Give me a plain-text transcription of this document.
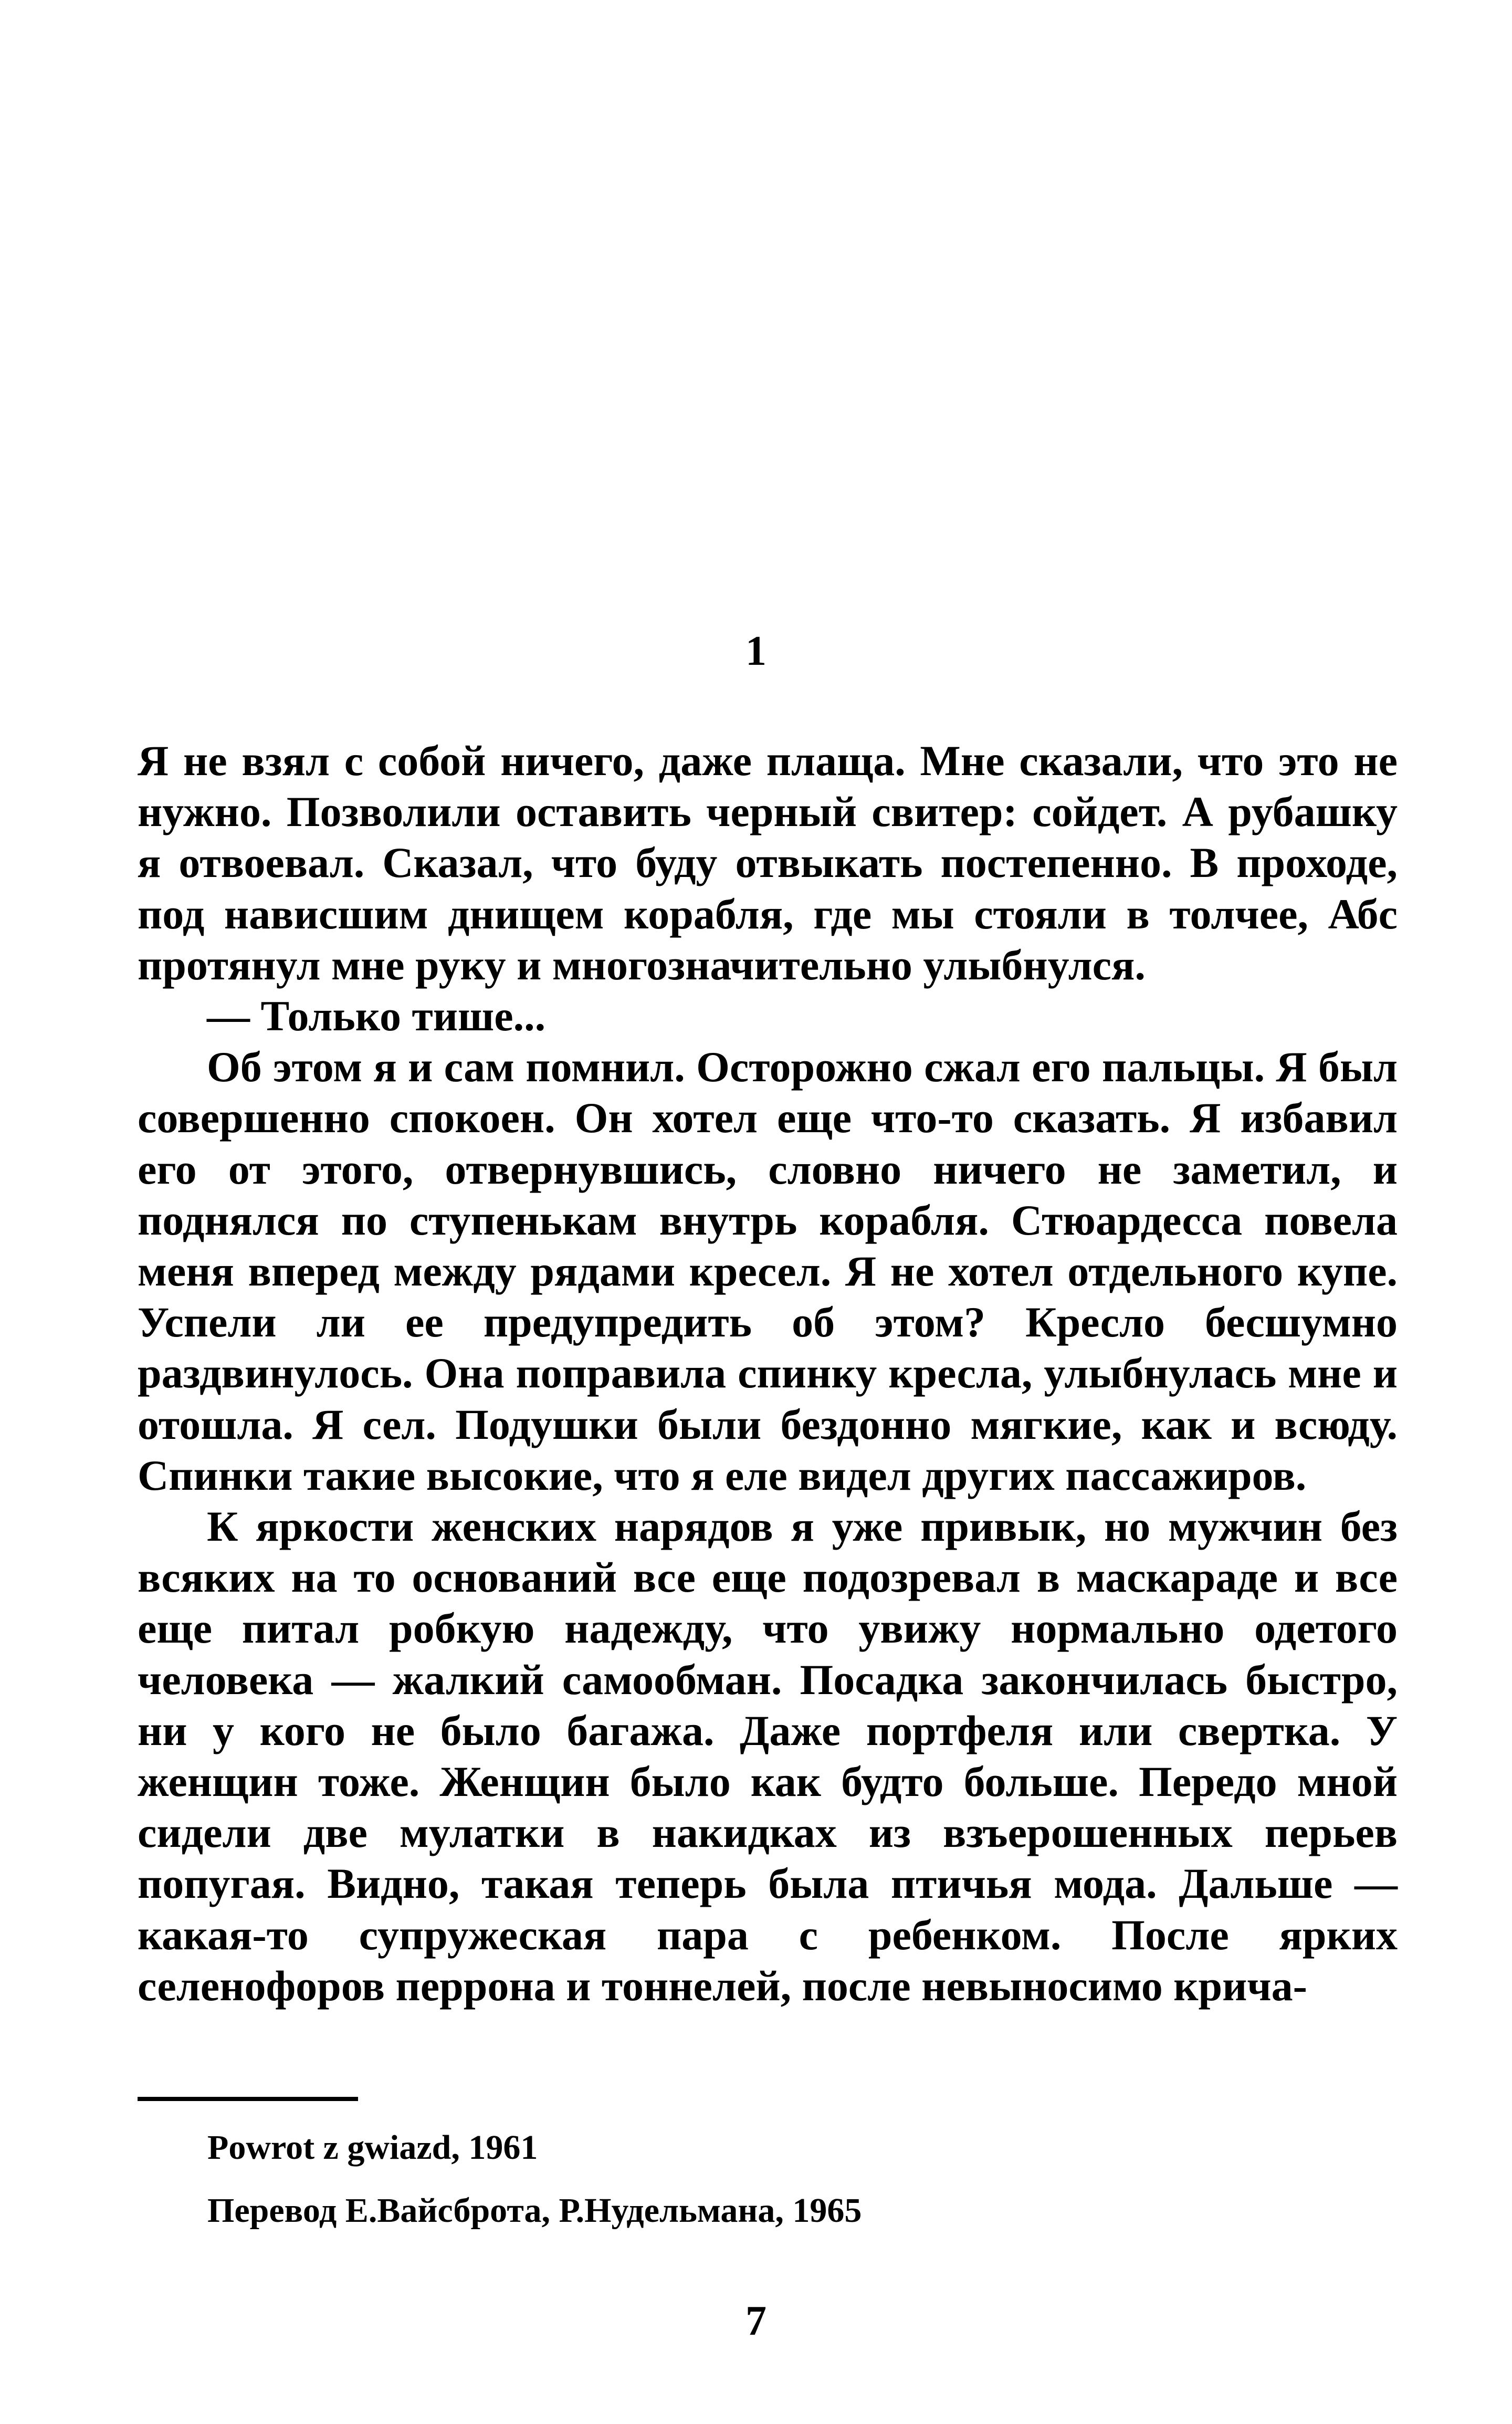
1

Я не взял с собой ничего, даже плаща. Мне сказали, что это не нужно. Позволили оставить черный свитер: сойдет. А рубашку я отвоевал. Сказал, что буду отвыкать постепенно. В проходе, под нависшим днищем корабля, где мы стояли в толчее, Абс протянул мне руку и многозначительно улыбнулся.

— Только тише...

Об этом я и сам помнил. Осторожно сжал его пальцы. Я был совершенно спокоен. Он хотел еще что-то сказать. Я избавил его от этого, отвернувшись, словно ничего не заметил, и поднялся по ступенькам внутрь корабля. Стюардесса повела меня вперед между рядами кресел. Я не хотел отдельного купе. Успели ли ее предупредить об этом? Кресло бесшумно раздвинулось. Она поправила спинку кресла, улыбнулась мне и отошла. Я сел. Подушки были бездонно мягкие, как и всюду. Спинки такие высокие, что я еле видел других пассажиров.

К яркости женских нарядов я уже привык, но мужчин без всяких на то оснований все еще подозревал в маскараде и все еще питал робкую надежду, что увижу нормально одетого человека — жалкий самообман. Посадка закончилась быстро, ни у кого не было багажа. Даже портфеля или свертка. У женщин тоже. Женщин было как будто больше. Передо мной сидели две мулатки в накидках из взъерошенных перьев попугая. Видно, такая теперь была птичья мода. Дальше — какая-то супружеская пара с ребенком. После ярких селенофоров перрона и тоннелей, после невыносимо крича-

Powrot z gwiazd, 1961
Перевод Е.Вайсброта, Р.Нудельмана, 1965
7
